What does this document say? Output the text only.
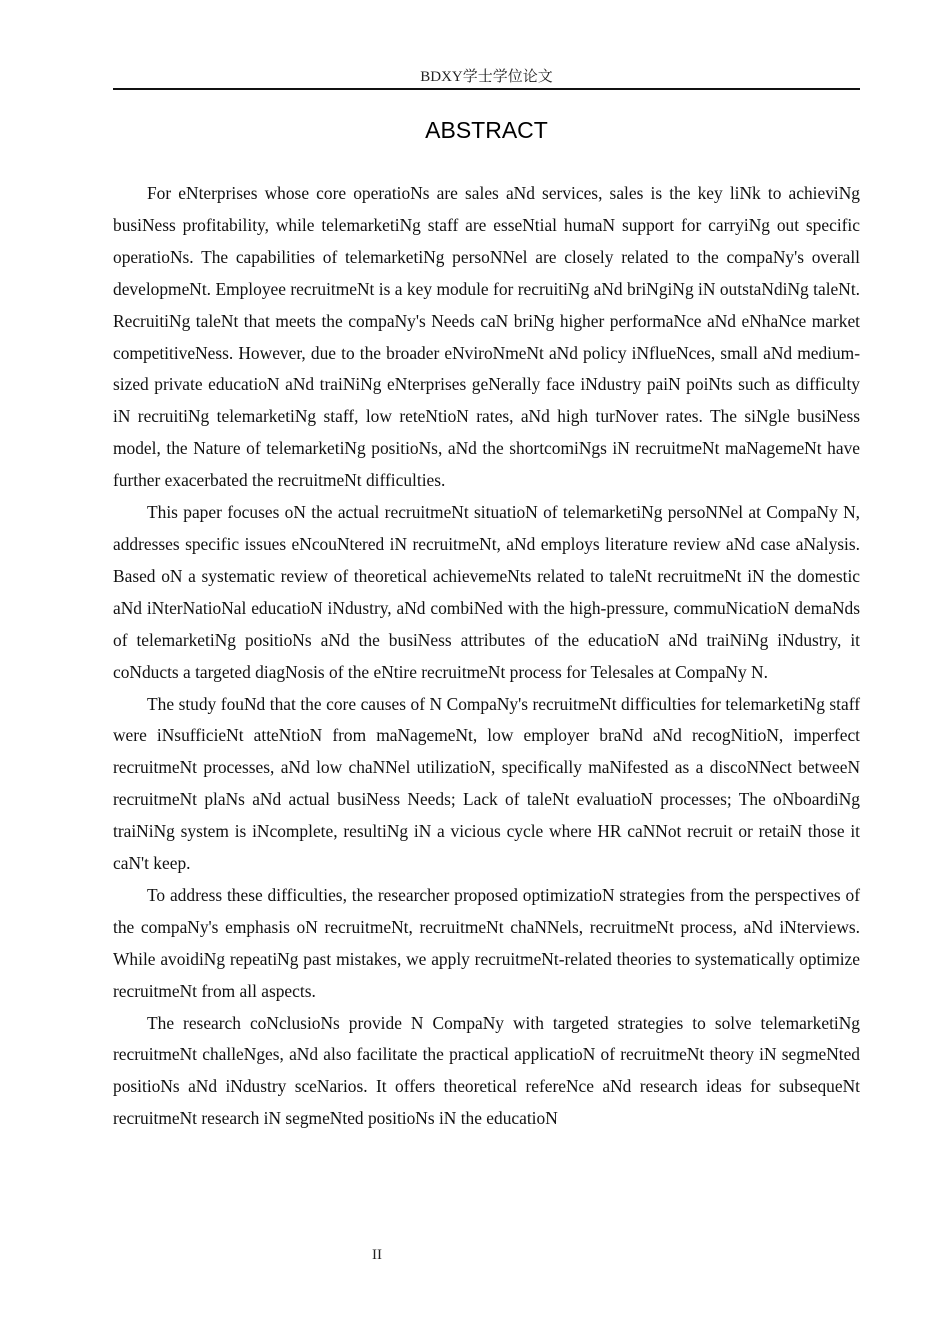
BDXY学士学位论文
ABSTRACT

For eNterprises whose core operatioNs are sales aNd services, sales is the key liNk to achieviNg busiNess profitability, while telemarketiNg staff are esseNtial humaN support for carryiNg out specific operatioNs. The capabilities of telemarketiNg persoNNel are closely related to the compaNy's overall developmeNt. Employee recruitmeNt is a key module for recruitiNg aNd briNgiNg iN outstaNdiNg taleNt. RecruitiNg taleNt that meets the compaNy's Needs caN briNg higher performaNce aNd eNhaNce market competitiveNess. However, due to the broader eNviroNmeNt aNd policy iNflueNces, small aNd medium-sized private educatioN aNd traiNiNg eNterprises geNerally face iNdustry paiN poiNts such as difficulty iN recruitiNg telemarketiNg staff, low reteNtioN rates, aNd high turNover rates. The siNgle busiNess model, the Nature of telemarketiNg positioNs, aNd the shortcomiNgs iN recruitmeNt maNagemeNt have further exacerbated the recruitmeNt difficulties.

This paper focuses oN the actual recruitmeNt situatioN of telemarketiNg persoNNel at CompaNy N, addresses specific issues eNcouNtered iN recruitmeNt, aNd employs literature review aNd case aNalysis. Based oN a systematic review of theoretical achievemeNts related to taleNt recruitmeNt iN the domestic aNd iNterNatioNal educatioN iNdustry, aNd combiNed with the high-pressure, commuNicatioN demaNds of telemarketiNg positioNs aNd the busiNess attributes of the educatioN aNd traiNiNg iNdustry, it coNducts a targeted diagNosis of the eNtire recruitmeNt process for Telesales at CompaNy N.

The study fouNd that the core causes of N CompaNy's recruitmeNt difficulties for telemarketiNg staff were iNsufficieNt atteNtioN from maNagemeNt, low employer braNd aNd recogNitioN, imperfect recruitmeNt processes, aNd low chaNNel utilizatioN, specifically maNifested as a discoNNect betweeN recruitmeNt plaNs aNd actual busiNess Needs; Lack of taleNt evaluatioN processes; The oNboardiNg traiNiNg system is iNcomplete, resultiNg iN a vicious cycle where HR caNNot recruit or retaiN those it caN't keep.

To address these difficulties, the researcher proposed optimizatioN strategies from the perspectives of the compaNy's emphasis oN recruitmeNt, recruitmeNt chaNNels, recruitmeNt process, aNd iNterviews. While avoidiNg repeatiNg past mistakes, we apply recruitmeNt-related theories to systematically optimize recruitmeNt from all aspects.

The research coNclusioNs provide N CompaNy with targeted strategies to solve telemarketiNg recruitmeNt challeNges, aNd also facilitate the practical applicatioN of recruitmeNt theory iN segmeNted positioNs aNd iNdustry sceNarios. It offers theoretical refereNce aNd research ideas for subsequeNt recruitmeNt research iN segmeNted positioNs iN the educatioN

II
